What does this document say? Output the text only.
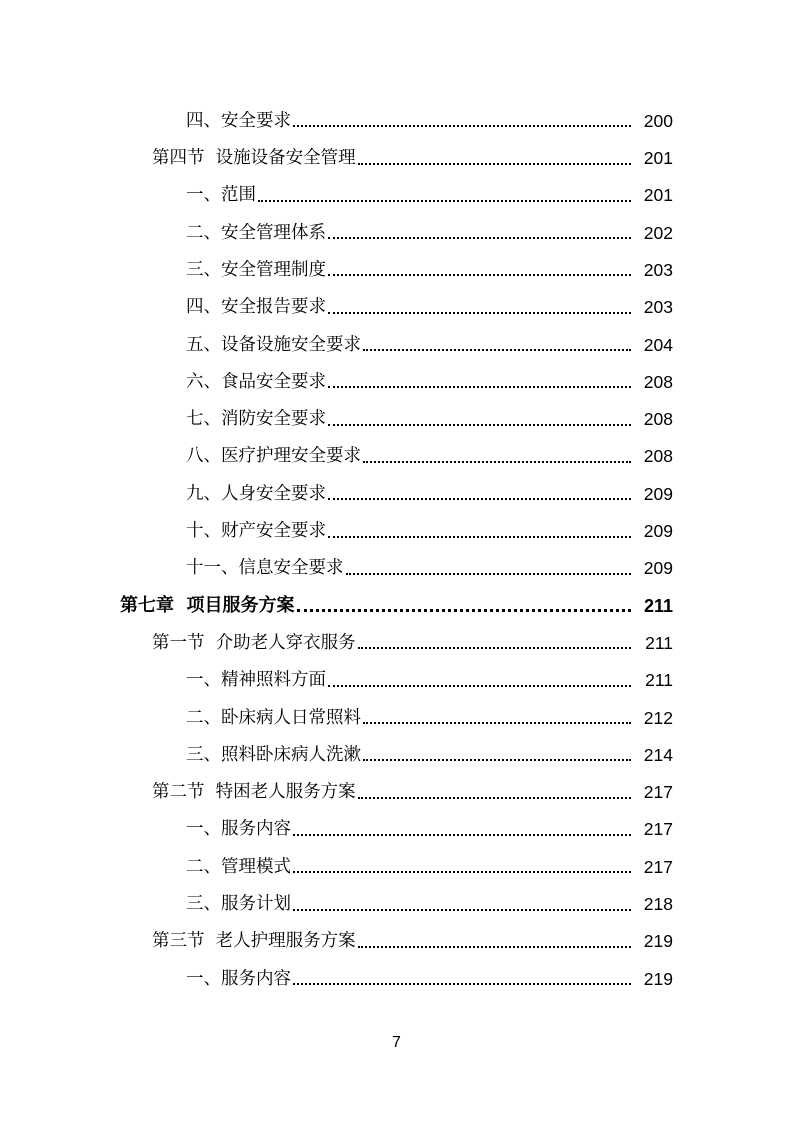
四、安全要求	200
第四节  设施设备安全管理	201
一、范围	201
二、安全管理体系	202
三、安全管理制度	203
四、安全报告要求	203
五、设备设施安全要求	204
六、食品安全要求	208
七、消防安全要求	208
八、医疗护理安全要求	208
九、人身安全要求	209
十、财产安全要求	209
十一、信息安全要求	209
第七章  项目服务方案	211
第一节  介助老人穿衣服务	211
一、精神照料方面	211
二、卧床病人日常照料	212
三、照料卧床病人洗漱	214
第二节  特困老人服务方案	217
一、服务内容	217
二、管理模式	217
三、服务计划	218
第三节  老人护理服务方案	219
一、服务内容	219
7
